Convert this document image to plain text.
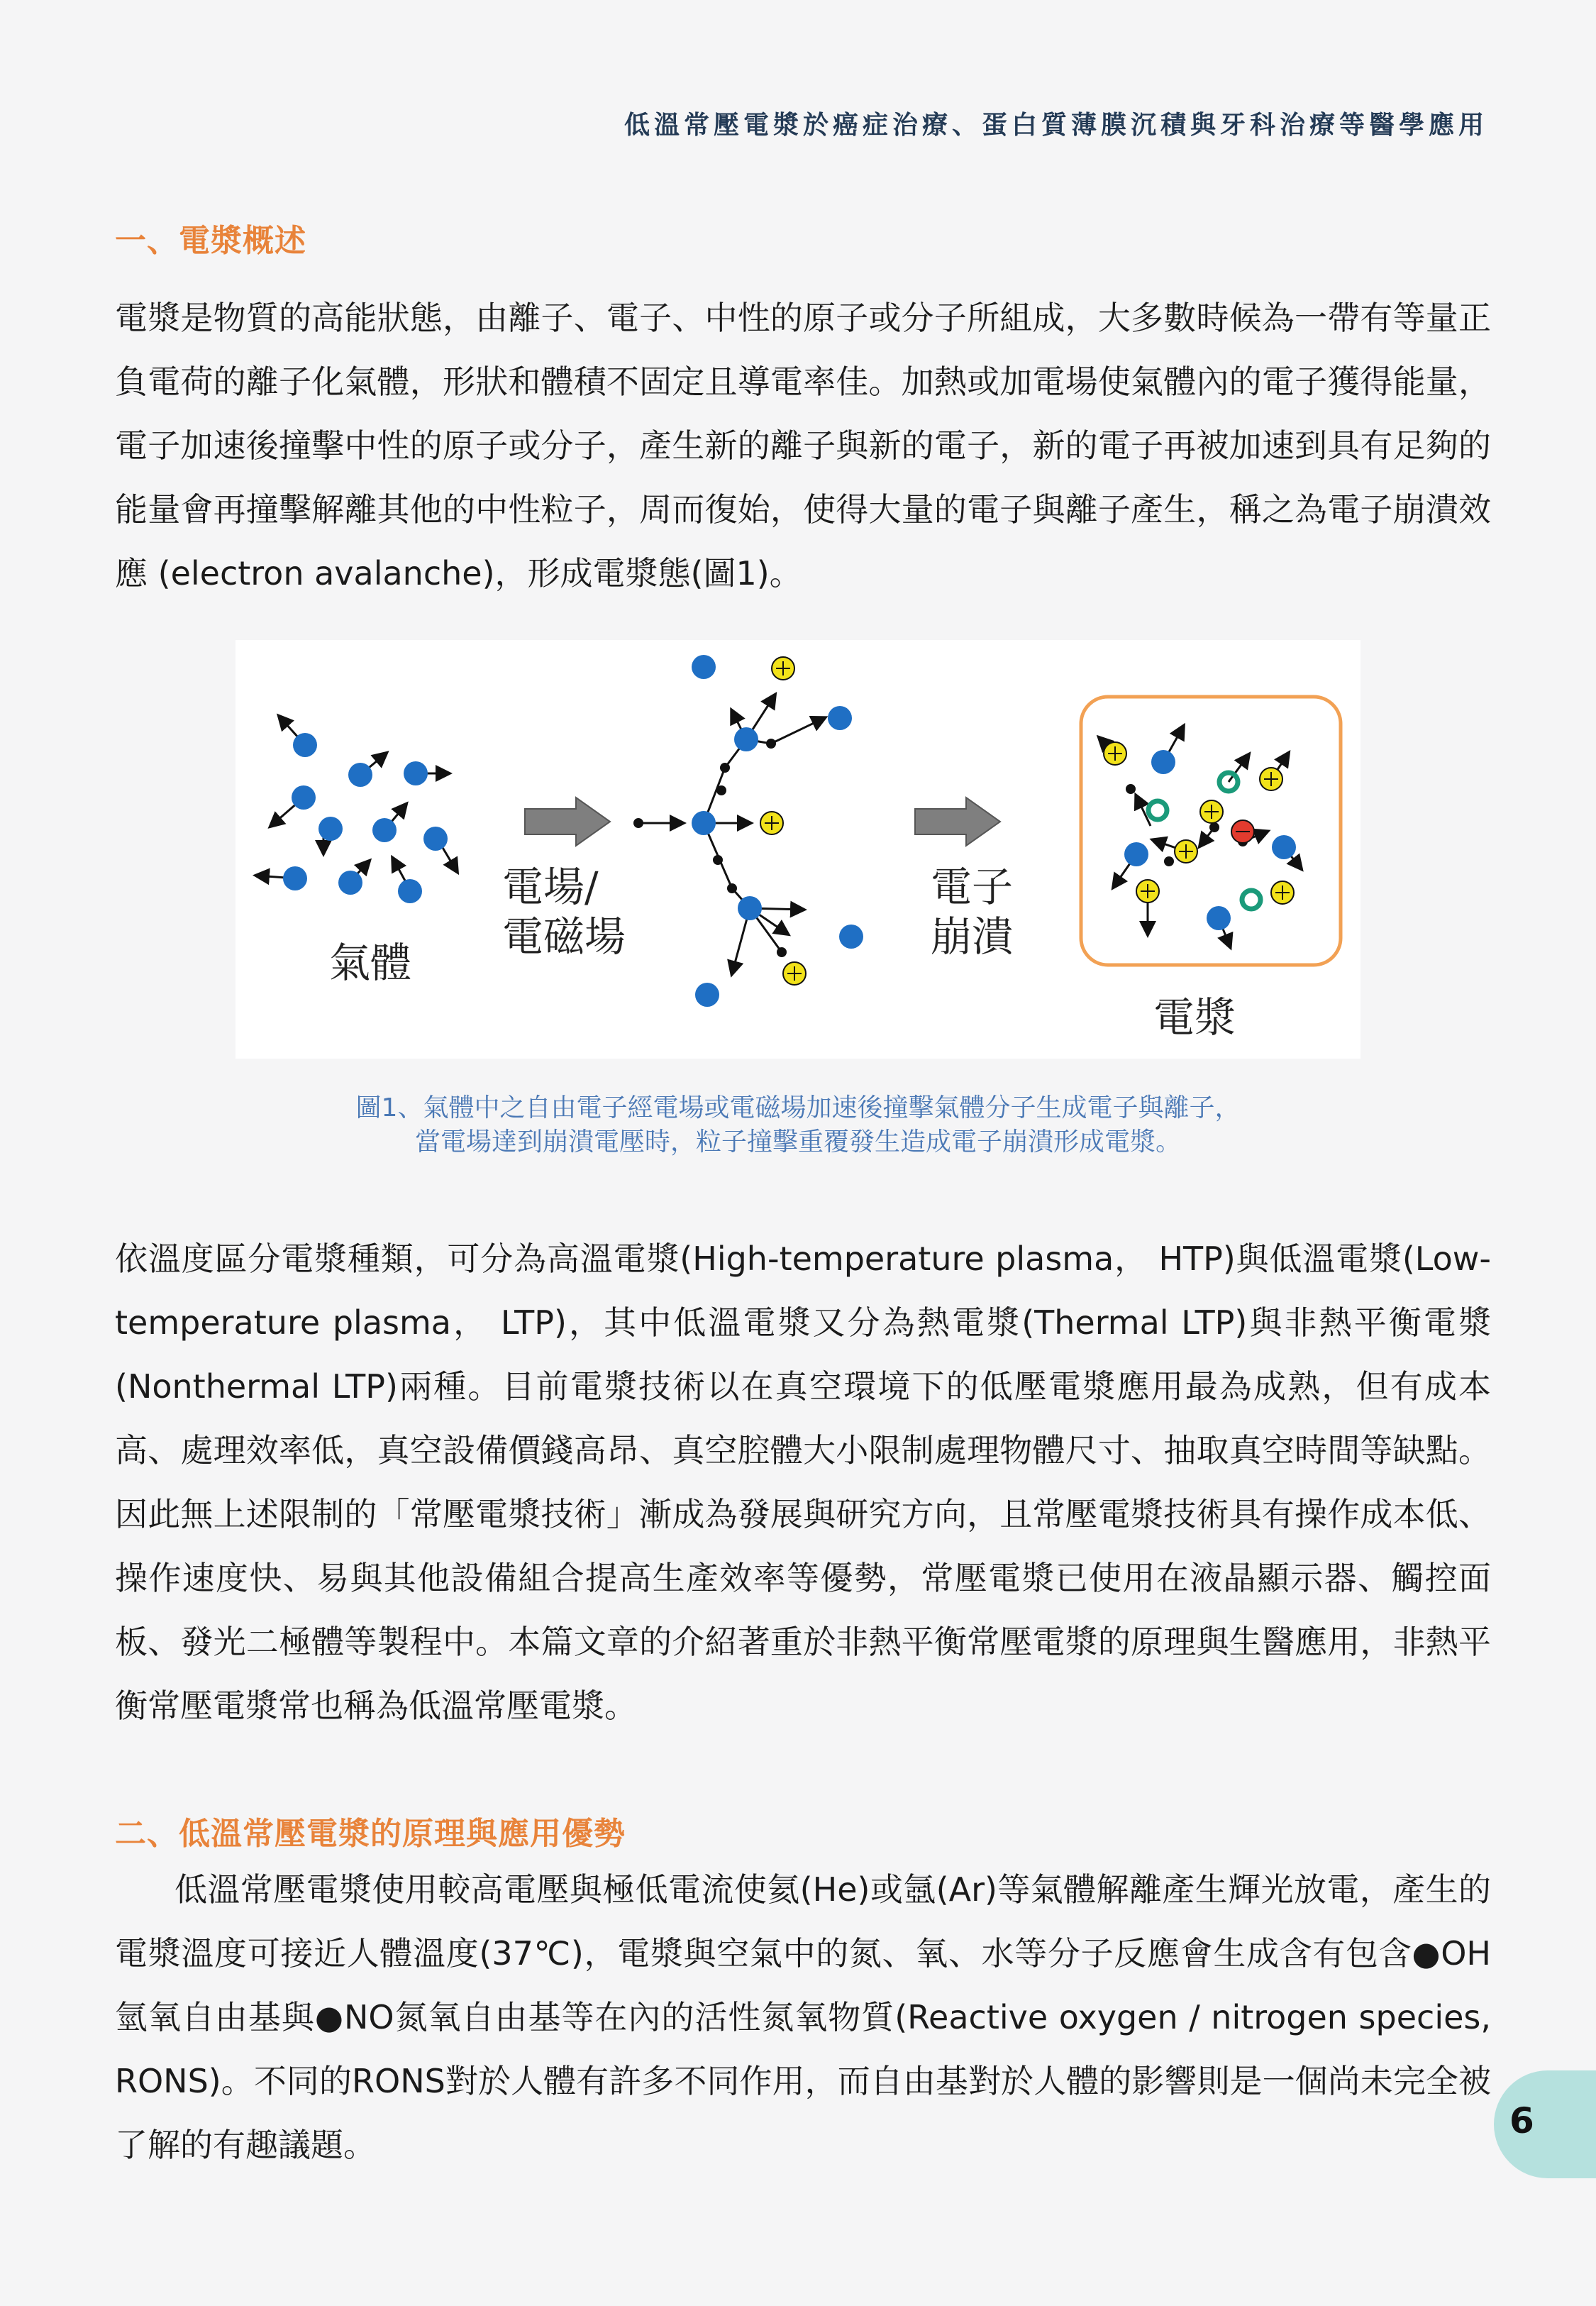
低溫常壓電漿於癌症治療、蛋白質薄膜沉積與牙科治療等醫學應用
一、電漿概述

電漿是物質的高能狀態，由離子、電子、中性的原子或分子所組成，大多數時候為一帶有等量正負電荷的離子化氣體，形狀和體積不固定且導電率佳。加熱或加電場使氣體內的電子獲得能量，電子加速後撞擊中性的原子或分子，產生新的離子與新的電子，新的電子再被加速到具有足夠的能量會再撞擊解離其他的中性粒子，周而復始，使得大量的電子與離子產生，稱之為電子崩潰效應 (electron avalanche)，形成電漿態(圖1)。

氣體
電場/
電磁場
電子
崩潰
電漿
圖1、氣體中之自由電子經電場或電磁場加速後撞擊氣體分子生成電子與離子，
當電場達到崩潰電壓時，粒子撞擊重覆發生造成電子崩潰形成電漿。

依溫度區分電漿種類，可分為高溫電漿(High-temperature plasma， HTP)與低溫電漿(Low-temperature plasma， LTP)，其中低溫電漿又分為熱電漿(Thermal LTP)與非熱平衡電漿(Nonthermal LTP)兩種。目前電漿技術以在真空環境下的低壓電漿應用最為成熟，但有成本高、處理效率低，真空設備價錢高昂、真空腔體大小限制處理物體尺寸、抽取真空時間等缺點。因此無上述限制的「常壓電漿技術」漸成為發展與研究方向，且常壓電漿技術具有操作成本低、操作速度快、易與其他設備組合提高生產效率等優勢，常壓電漿已使用在液晶顯示器、觸控面板、發光二極體等製程中。本篇文章的介紹著重於非熱平衡常壓電漿的原理與生醫應用，非熱平衡常壓電漿常也稱為低溫常壓電漿。

二、低溫常壓電漿的原理與應用優勢

低溫常壓電漿使用較高電壓與極低電流使氦(He)或氬(Ar)等氣體解離產生輝光放電，產生的電漿溫度可接近人體溫度(37℃)，電漿與空氣中的氮、氧、水等分子反應會生成含有包含●OH氫氧自由基與●NO氮氧自由基等在內的活性氮氧物質(Reactive oxygen / nitrogen species, RONS)。不同的RONS對於人體有許多不同作用，而自由基對於人體的影響則是一個尚未完全被了解的有趣議題。

6
